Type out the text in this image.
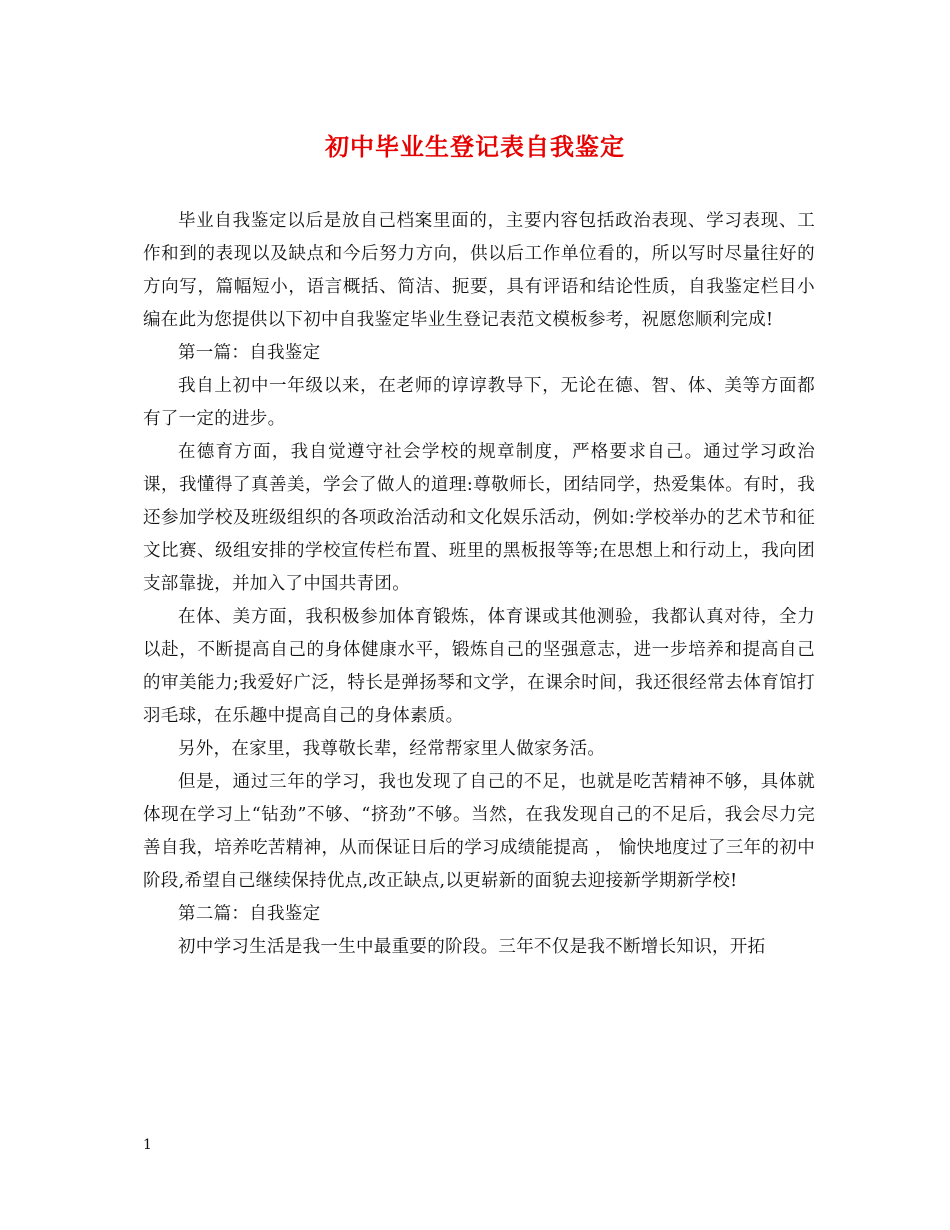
初中毕业生登记表自我鉴定

毕业自我鉴定以后是放自己档案里面的，主要内容包括政治表现、学习表现、工作和到的表现以及缺点和今后努力方向，供以后工作单位看的，所以写时尽量往好的方向写，篇幅短小，语言概括、简洁、扼要，具有评语和结论性质，自我鉴定栏目小编在此为您提供以下初中自我鉴定毕业生登记表范文模板参考，祝愿您顺利完成!

第一篇：自我鉴定

我自上初中一年级以来，在老师的谆谆教导下，无论在德、智、体、美等方面都有了一定的进步。

在德育方面，我自觉遵守社会学校的规章制度，严格要求自己。通过学习政治课，我懂得了真善美，学会了做人的道理:尊敬师长，团结同学，热爱集体。有时，我还参加学校及班级组织的各项政治活动和文化娱乐活动，例如:学校举办的艺术节和征文比赛、级组安排的学校宣传栏布置、班里的黑板报等等;在思想上和行动上，我向团支部靠拢，并加入了中国共青团。

在体、美方面，我积极参加体育锻炼，体育课或其他测验，我都认真对待，全力以赴，不断提高自己的身体健康水平，锻炼自己的坚强意志，进一步培养和提高自己的审美能力;我爱好广泛，特长是弹扬琴和文学，在课余时间，我还很经常去体育馆打羽毛球，在乐趣中提高自己的身体素质。

另外，在家里，我尊敬长辈，经常帮家里人做家务活。

但是，通过三年的学习，我也发现了自己的不足，也就是吃苦精神不够，具体就体现在学习上“钻劲”不够、“挤劲”不够。当然，在我发现自己的不足后，我会尽力完善自我，培养吃苦精神，从而保证日后的学习成绩能提高 ， 愉快地度过了三年的初中阶段,希望自己继续保持优点,改正缺点,以更崭新的面貌去迎接新学期新学校!

第二篇：自我鉴定

初中学习生活是我一生中最重要的阶段。三年不仅是我不断增长知识，开拓

1
